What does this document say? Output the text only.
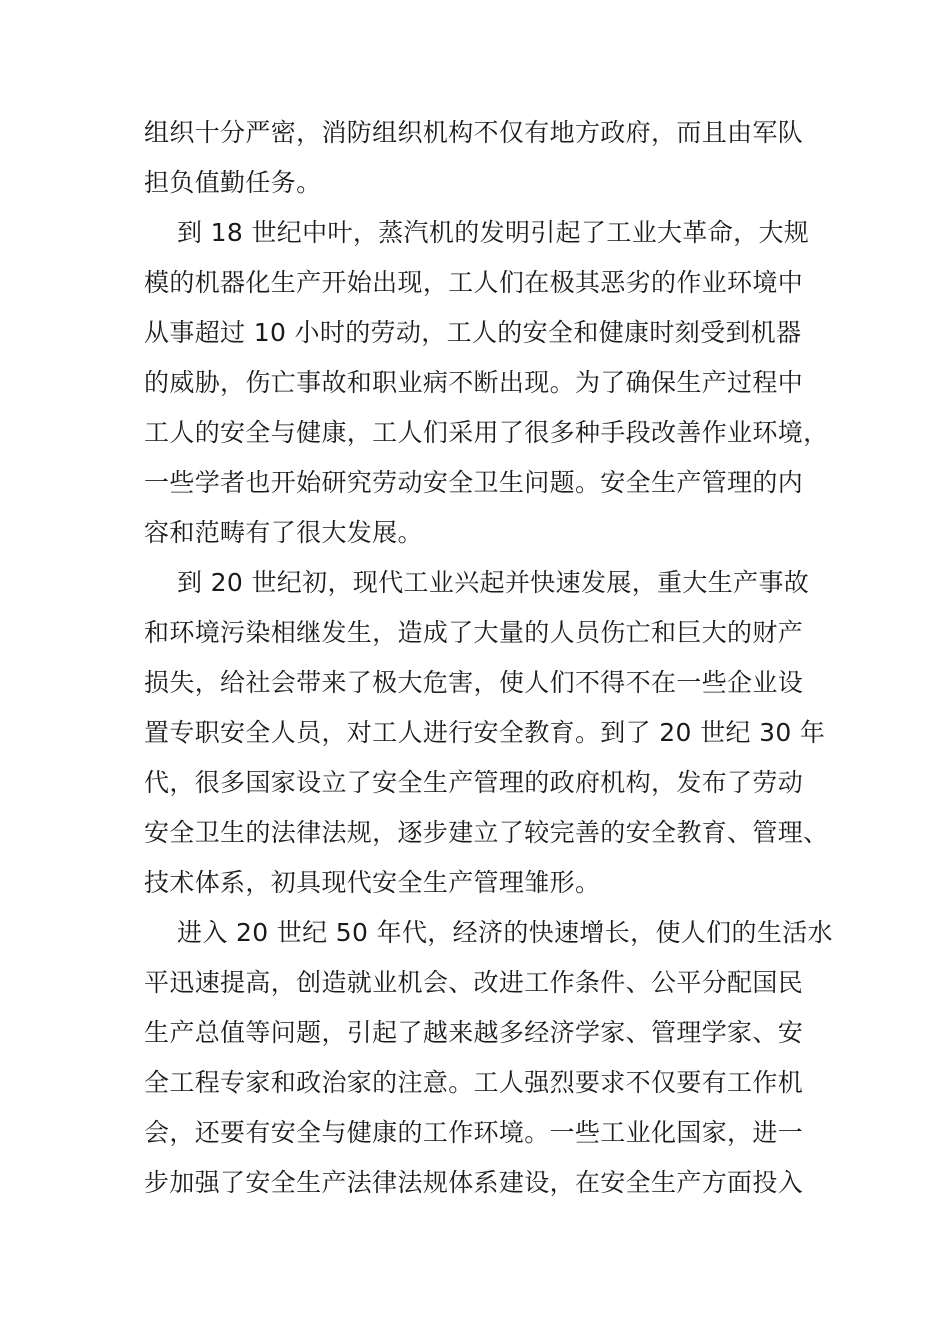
组织十分严密，消防组织机构不仅有地方政府，而且由军队
担负值勤任务。
到 18 世纪中叶，蒸汽机的发明引起了工业大革命，大规
模的机器化生产开始出现，工人们在极其恶劣的作业环境中
从事超过 10 小时的劳动，工人的安全和健康时刻受到机器
的威胁，伤亡事故和职业病不断出现。为了确保生产过程中
工人的安全与健康，工人们采用了很多种手段改善作业环境，
一些学者也开始研究劳动安全卫生问题。安全生产管理的内
容和范畴有了很大发展。
到 20 世纪初，现代工业兴起并快速发展，重大生产事故
和环境污染相继发生，造成了大量的人员伤亡和巨大的财产
损失，给社会带来了极大危害，使人们不得不在一些企业设
置专职安全人员，对工人进行安全教育。到了 20 世纪 30 年
代，很多国家设立了安全生产管理的政府机构，发布了劳动
安全卫生的法律法规，逐步建立了较完善的安全教育、管理、
技术体系，初具现代安全生产管理雏形。
进入 20 世纪 50 年代，经济的快速增长，使人们的生活水
平迅速提高，创造就业机会、改进工作条件、公平分配国民
生产总值等问题，引起了越来越多经济学家、管理学家、安
全工程专家和政治家的注意。工人强烈要求不仅要有工作机
会，还要有安全与健康的工作环境。一些工业化国家，进一
步加强了安全生产法律法规体系建设，在安全生产方面投入
